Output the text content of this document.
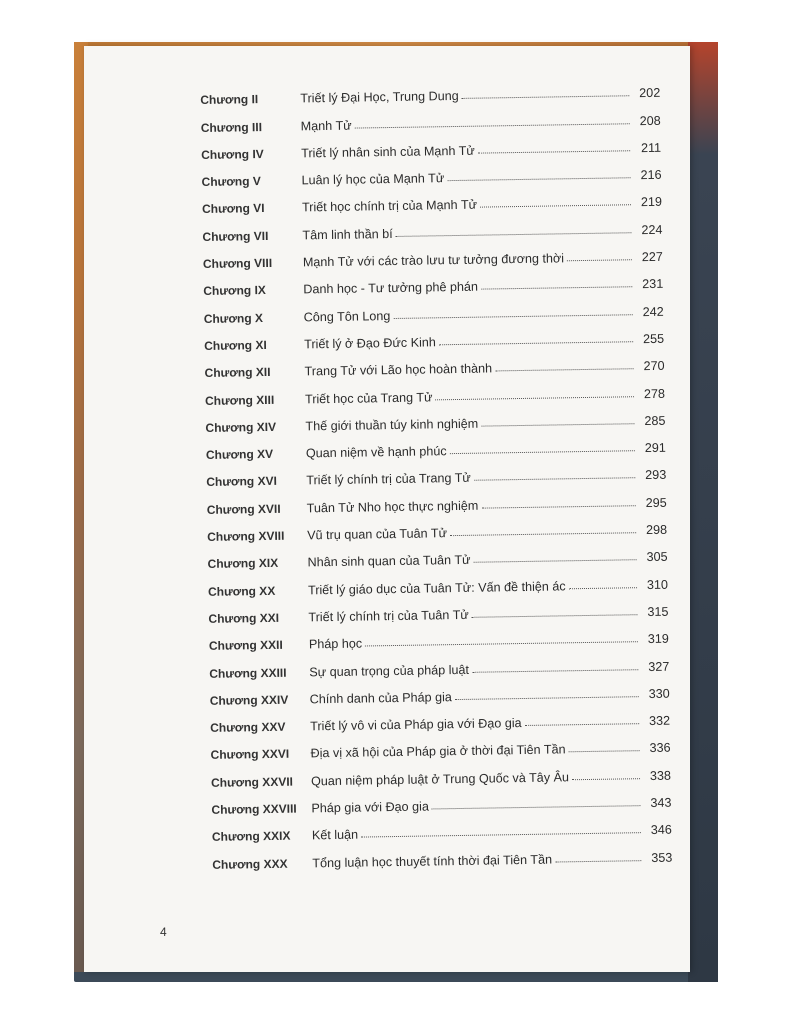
Chương II	Triết lý Đại Học, Trung Dung	202
Chương III	Mạnh Tử	208
Chương IV	Triết lý nhân sinh của Mạnh Tử	211
Chương V	Luân lý học của Mạnh Tử	216
Chương VI	Triết học chính trị của Mạnh Tử	219
Chương VII	Tâm linh thần bí	224
Chương VIII	Mạnh Tử với các trào lưu tư tưởng đương thời	227
Chương IX	Danh học - Tư tưởng phê phán	231
Chương X	Công Tôn Long	242
Chương XI	Triết lý ở Đạo Đức Kinh	255
Chương XII	Trang Tử với Lão học hoàn thành	270
Chương XIII	Triết học của Trang Tử	278
Chương XIV	Thế giới thuần túy kinh nghiệm	285
Chương XV	Quan niệm về hạnh phúc	291
Chương XVI	Triết lý chính trị của Trang Tử	293
Chương XVII	Tuân Tử Nho học thực nghiệm	295
Chương XVIII	Vũ trụ quan của Tuân Tử	298
Chương XIX	Nhân sinh quan của Tuân Tử	305
Chương XX	Triết lý giáo dục của Tuân Tử: Vấn đề thiện ác	310
Chương XXI	Triết lý chính trị của Tuân Tử	315
Chương XXII	Pháp học	319
Chương XXIII	Sự quan trọng của pháp luật	327
Chương XXIV	Chính danh của Pháp gia	330
Chương XXV	Triết lý vô vi của Pháp gia với Đạo gia	332
Chương XXVI	Địa vị xã hội của Pháp gia ở thời đại Tiên Tần	336
Chương XXVII	Quan niệm pháp luật ở Trung Quốc và Tây Âu	338
Chương XXVIII	Pháp gia với Đạo gia	343
Chương XXIX	Kết luận	346
Chương XXX	Tổng luận học thuyết tính thời đại Tiên Tần	353
4
